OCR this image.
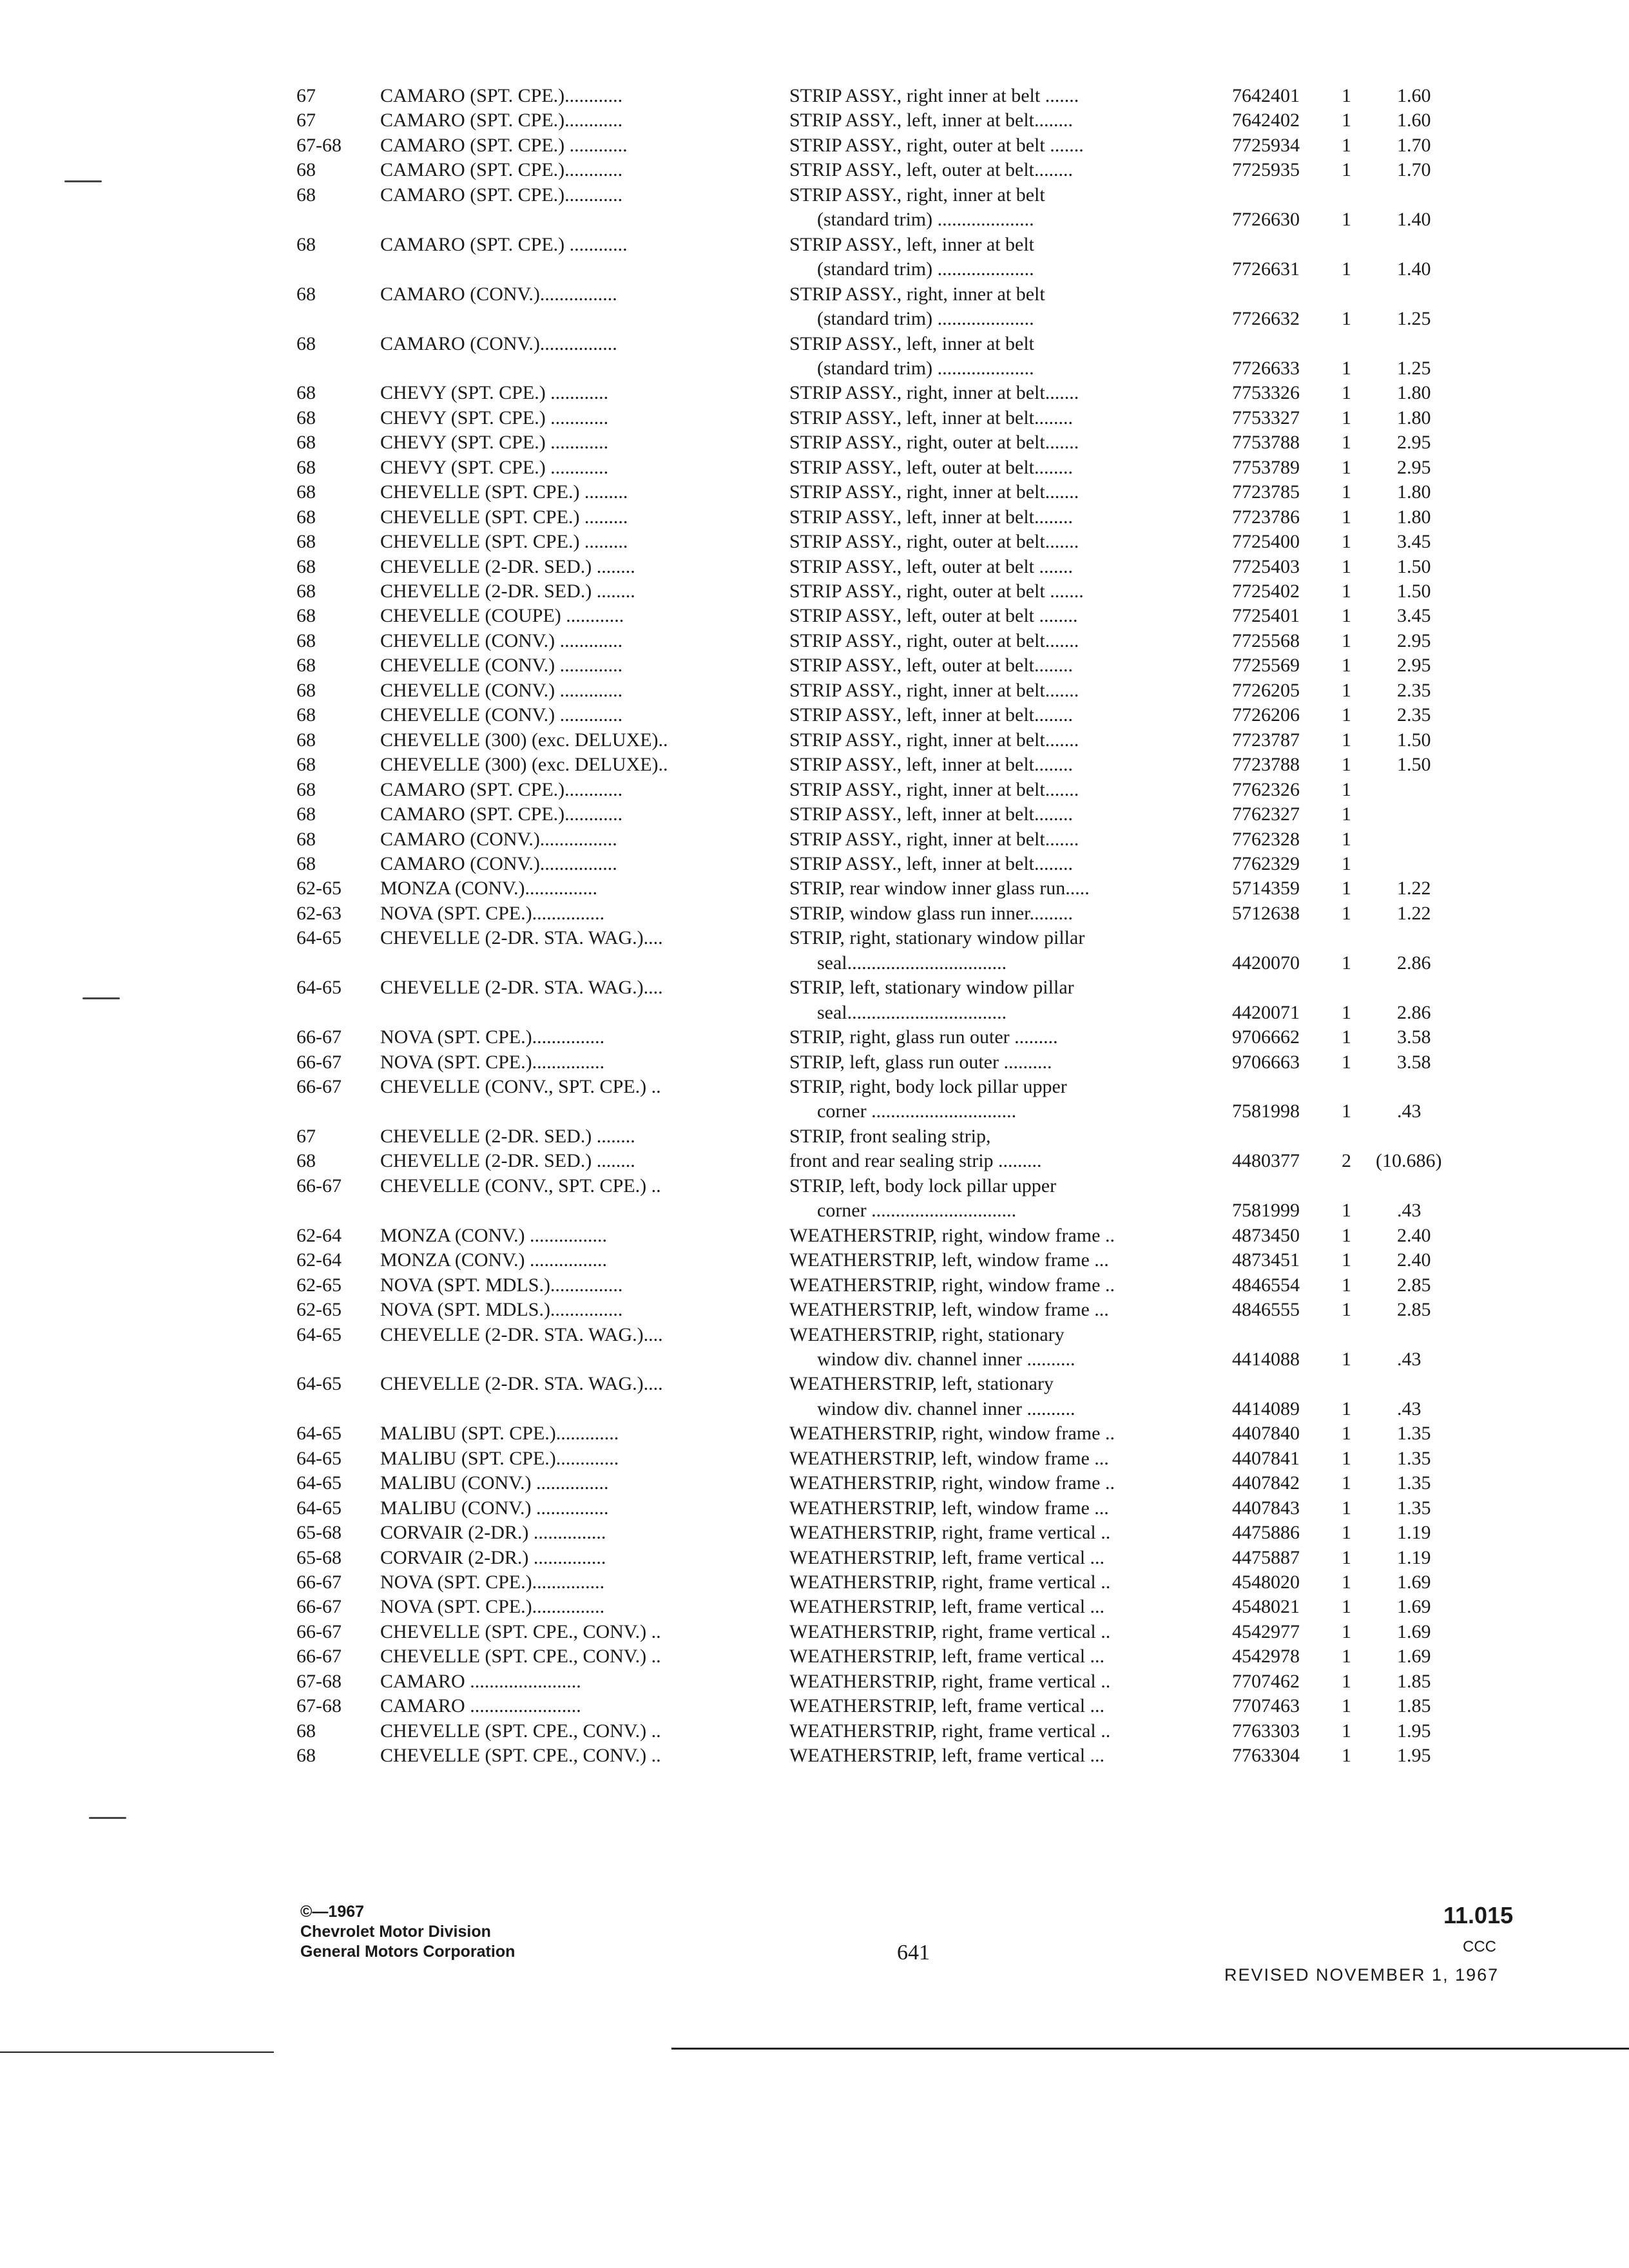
67	CAMARO (SPT. CPE.)............	STRIP ASSY., right inner at belt .......	7642401 1 1.60
67	CAMARO (SPT. CPE.)............	STRIP ASSY., left, inner at belt........	7642402 1 1.60
67-68 CAMARO (SPT. CPE.) ............	STRIP ASSY., right, outer at belt .......	7725934 1 1.70
68	CAMARO (SPT. CPE.)............	STRIP ASSY., left, outer at belt........	7725935 1 1.70
68	CAMARO (SPT. CPE.)............	STRIP ASSY., right, inner at belt
(standard trim) ....................	7726630 1 1.40
68	CAMARO (SPT. CPE.) ............	STRIP ASSY., left, inner at belt
(standard trim) ....................	7726631 1 1.40
68	CAMARO (CONV.)................	STRIP ASSY., right, inner at belt
(standard trim) ....................	7726632 1 1.25
68	CAMARO (CONV.)................	STRIP ASSY., left, inner at belt
(standard trim) ....................	7726633 1 1.25
68	CHEVY (SPT. CPE.) ............	STRIP ASSY., right, inner at belt.......	7753326 1 1.80
68	CHEVY (SPT. CPE.) ............	STRIP ASSY., left, inner at belt........	7753327 1 1.80
68	CHEVY (SPT. CPE.) ............	STRIP ASSY., right, outer at belt.......	7753788 1 2.95
68	CHEVY (SPT. CPE.) ............	STRIP ASSY., left, outer at belt........	7753789 1 2.95
68	CHEVELLE (SPT. CPE.) .........	STRIP ASSY., right, inner at belt.......	7723785 1 1.80
68	CHEVELLE (SPT. CPE.) .........	STRIP ASSY., left, inner at belt........	7723786 1 1.80
68	CHEVELLE (SPT. CPE.) .........	STRIP ASSY., right, outer at belt.......	7725400 1 3.45
68	CHEVELLE (2-DR. SED.) ........	STRIP ASSY., left, outer at belt .......	7725403 1 1.50
68	CHEVELLE (2-DR. SED.) ........	STRIP ASSY., right, outer at belt .......	7725402 1 1.50
68	CHEVELLE (COUPE) ............	STRIP ASSY., left, outer at belt ........	7725401 1 3.45
68	CHEVELLE (CONV.) .............	STRIP ASSY., right, outer at belt.......	7725568 1 2.95
68	CHEVELLE (CONV.) .............	STRIP ASSY., left, outer at belt........	7725569 1 2.95
68	CHEVELLE (CONV.) .............	STRIP ASSY., right, inner at belt.......	7726205 1 2.35
68	CHEVELLE (CONV.) .............	STRIP ASSY., left, inner at belt........	7726206 1 2.35
68	CHEVELLE (300) (exc. DELUXE)..	STRIP ASSY., right, inner at belt.......	7723787 1 1.50
68	CHEVELLE (300) (exc. DELUXE)..	STRIP ASSY., left, inner at belt........	7723788 1 1.50
68	CAMARO (SPT. CPE.)............	STRIP ASSY., right, inner at belt.......	7762326 1
68	CAMARO (SPT. CPE.)............	STRIP ASSY., left, inner at belt........	7762327 1
68	CAMARO (CONV.)................	STRIP ASSY., right, inner at belt.......	7762328 1
68	CAMARO (CONV.)................	STRIP ASSY., left, inner at belt........	7762329 1
62-65 MONZA (CONV.)...............	STRIP, rear window inner glass run.....	5714359 1 1.22
62-63 NOVA (SPT. CPE.)...............	STRIP, window glass run inner.........	5712638 1 1.22
64-65 CHEVELLE (2-DR. STA. WAG.)....	STRIP, right, stationary window pillar
seal.................................	4420070 1 2.86
64-65 CHEVELLE (2-DR. STA. WAG.)....	STRIP, left, stationary window pillar
seal.................................	4420071 1 2.86
66-67 NOVA (SPT. CPE.)...............	STRIP, right, glass run outer .........	9706662 1 3.58
66-67 NOVA (SPT. CPE.)...............	STRIP, left, glass run outer ..........	9706663 1 3.58
66-67 CHEVELLE (CONV., SPT. CPE.) ..	STRIP, right, body lock pillar upper
corner ..............................	7581998 1 .43
67	CHEVELLE (2-DR. SED.) ........	STRIP, front sealing strip,
68	CHEVELLE (2-DR. SED.) ........	front and rear sealing strip .........	4480377 2 (10.686)
66-67 CHEVELLE (CONV., SPT. CPE.) ..	STRIP, left, body lock pillar upper
corner ..............................	7581999 1 .43
62-64 MONZA (CONV.) ................	WEATHERSTRIP, right, window frame ..	4873450 1 2.40
62-64 MONZA (CONV.) ................	WEATHERSTRIP, left, window frame ...	4873451 1 2.40
62-65 NOVA (SPT. MDLS.)...............	WEATHERSTRIP, right, window frame ..	4846554 1 2.85
62-65 NOVA (SPT. MDLS.)...............	WEATHERSTRIP, left, window frame ...	4846555 1 2.85
64-65 CHEVELLE (2-DR. STA. WAG.)....	WEATHERSTRIP, right, stationary
window div. channel inner ..........	4414088 1 .43
64-65 CHEVELLE (2-DR. STA. WAG.)....	WEATHERSTRIP, left, stationary
window div. channel inner ..........	4414089 1 .43
64-65 MALIBU (SPT. CPE.).............	WEATHERSTRIP, right, window frame ..	4407840 1 1.35
64-65 MALIBU (SPT. CPE.).............	WEATHERSTRIP, left, window frame ...	4407841 1 1.35
64-65 MALIBU (CONV.) ...............	WEATHERSTRIP, right, window frame ..	4407842 1 1.35
64-65 MALIBU (CONV.) ...............	WEATHERSTRIP, left, window frame ...	4407843 1 1.35
65-68 CORVAIR (2-DR.) ...............	WEATHERSTRIP, right, frame vertical ..	4475886 1 1.19
65-68 CORVAIR (2-DR.) ...............	WEATHERSTRIP, left, frame vertical ...	4475887 1 1.19
66-67 NOVA (SPT. CPE.)...............	WEATHERSTRIP, right, frame vertical ..	4548020 1 1.69
66-67 NOVA (SPT. CPE.)...............	WEATHERSTRIP, left, frame vertical ...	4548021 1 1.69
66-67 CHEVELLE (SPT. CPE., CONV.) ..	WEATHERSTRIP, right, frame vertical ..	4542977 1 1.69
66-67 CHEVELLE (SPT. CPE., CONV.) ..	WEATHERSTRIP, left, frame vertical ...	4542978 1 1.69
67-68 CAMARO .......................	WEATHERSTRIP, right, frame vertical ..	7707462 1 1.85
67-68 CAMARO .......................	WEATHERSTRIP, left, frame vertical ...	7707463 1 1.85
68	CHEVELLE (SPT. CPE., CONV.) ..	WEATHERSTRIP, right, frame vertical ..	7763303 1 1.95
68	CHEVELLE (SPT. CPE., CONV.) ..	WEATHERSTRIP, left, frame vertical ...	7763304 1 1.95
©—1967
Chevrolet Motor Division
General Motors Corporation	641
11.015
CCC
REVISED NOVEMBER 1, 1967
